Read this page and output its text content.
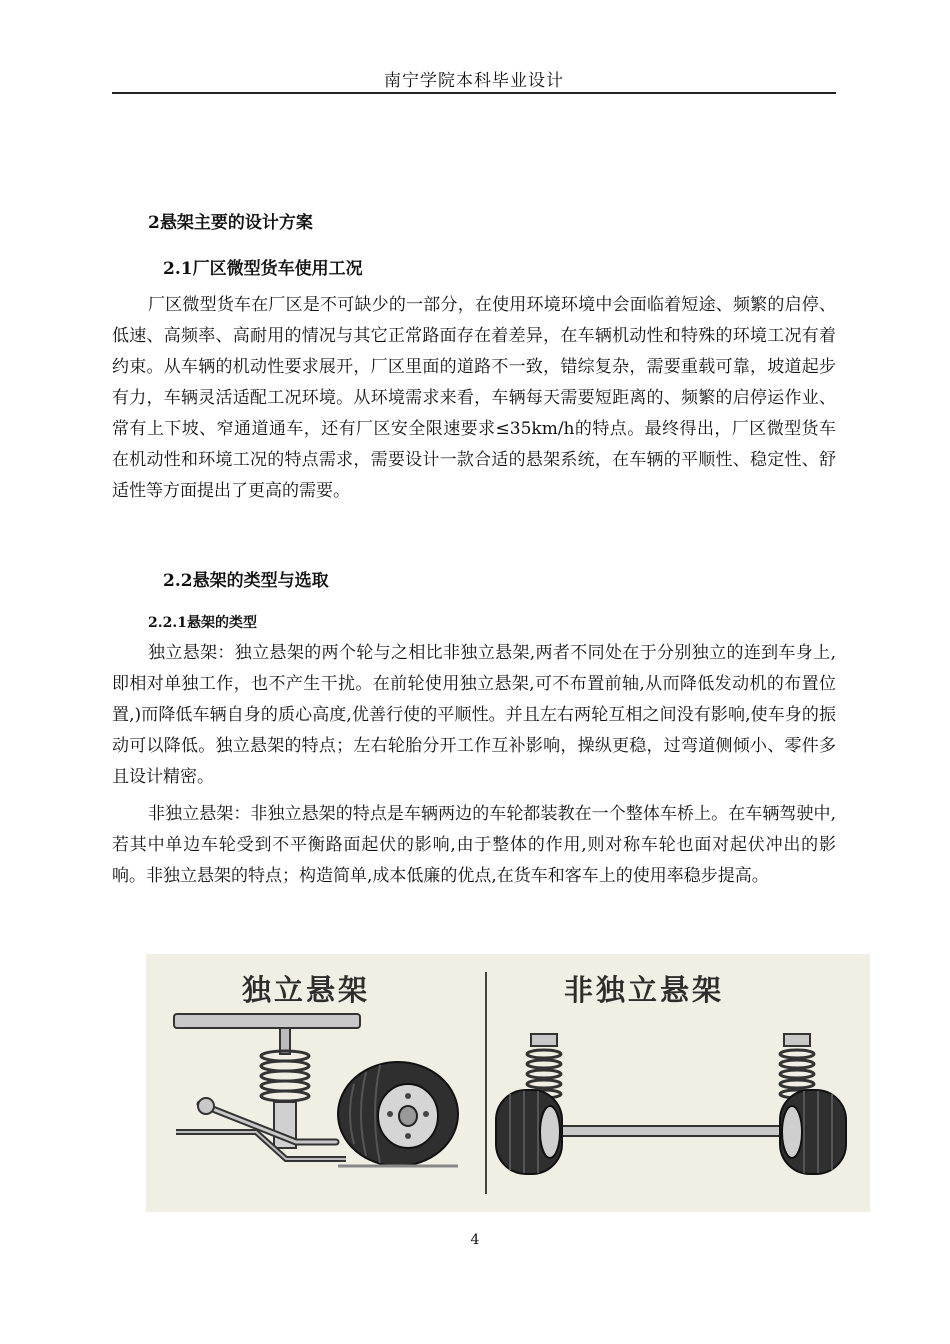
南宁学院本科毕业设计
2悬架主要的设计方案
2.1厂区微型货车使用工况

厂区微型货车在厂区是不可缺少的一部分，在使用环境环境中会面临着短途、频繁的启停、低速、高频率、高耐用的情况与其它正常路面存在着差异，在车辆机动性和特殊的环境工况有着约束。从车辆的机动性要求展开，厂区里面的道路不一致，错综复杂，需要重载可靠，坡道起步有力，车辆灵活适配工况环境。从环境需求来看，车辆每天需要短距离的、频繁的启停运作业、常有上下坡、窄通道通车，还有厂区安全限速要求≤35km/h的特点。最终得出，厂区微型货车在机动性和环境工况的特点需求，需要设计一款合适的悬架系统，在车辆的平顺性、稳定性、舒适性等方面提出了更高的需要。

2.2悬架的类型与选取
2.2.1悬架的类型

独立悬架：独立悬架的两个轮与之相比非独立悬架,两者不同处在于分别独立的连到车身上,即相对单独工作，也不产生干扰。在前轮使用独立悬架,可不布置前轴,从而降低发动机的布置位置,)而降低车辆自身的质心高度,优善行使的平顺性。并且左右两轮互相之间没有影响,使车身的振动可以降低。独立悬架的特点；左右轮胎分开工作互补影响，操纵更稳，过弯道侧倾小、零件多且设计精密。

非独立悬架：非独立悬架的特点是车辆两边的车轮都装教在一个整体车桥上。在车辆驾驶中,若其中单边车轮受到不平衡路面起伏的影响,由于整体的作用,则对称车轮也面对起伏冲出的影响。非独立悬架的特点；构造简单,成本低廉的优点,在货车和客车上的使用率稳步提高。

独立悬架	非独立悬架
4
